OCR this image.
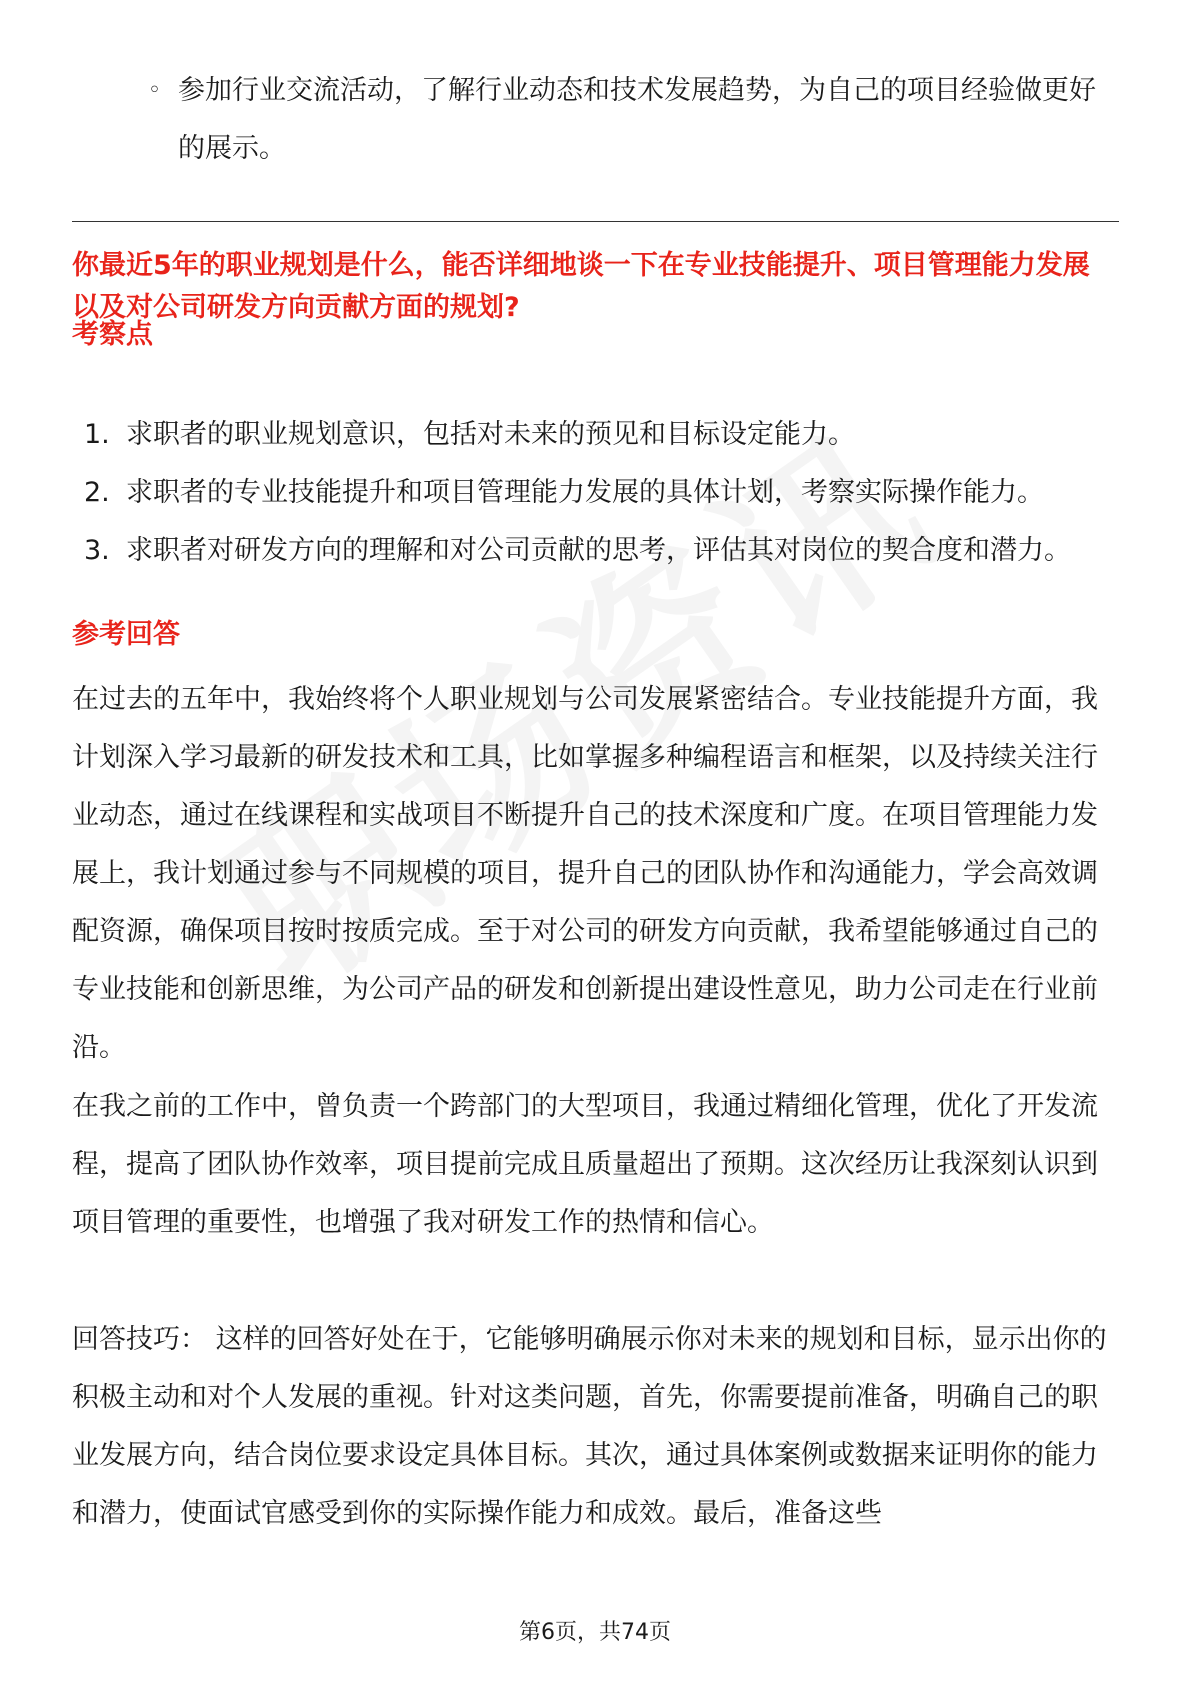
◦ 参加行业交流活动，了解行业动态和技术发展趋势，为自己的项目经验做更好的展示。
你最近5年的职业规划是什么，能否详细地谈一下在专业技能提升、项目管理能力发展以及对公司研发方向贡献方面的规划?
考察点
1. 求职者的职业规划意识，包括对未来的预见和目标设定能力。
2. 求职者的专业技能提升和项目管理能力发展的具体计划，考察实际操作能力。
3. 求职者对研发方向的理解和对公司贡献的思考，评估其对岗位的契合度和潜力。
参考回答

在过去的五年中，我始终将个人职业规划与公司发展紧密结合。专业技能提升方面，我计划深入学习最新的研发技术和工具，比如掌握多种编程语言和框架，以及持续关注行业动态，通过在线课程和实战项目不断提升自己的技术深度和广度。在项目管理能力发展上，我计划通过参与不同规模的项目，提升自己的团队协作和沟通能力，学会高效调配资源，确保项目按时按质完成。至于对公司的研发方向贡献，我希望能够通过自己的专业技能和创新思维，为公司产品的研发和创新提出建设性意见，助力公司走在行业前沿。

在我之前的工作中，曾负责一个跨部门的大型项目，我通过精细化管理，优化了开发流程，提高了团队协作效率，项目提前完成且质量超出了预期。这次经历让我深刻认识到项目管理的重要性，也增强了我对研发工作的热情和信心。

回答技巧： 这样的回答好处在于，它能够明确展示你对未来的规划和目标，显示出你的积极主动和对个人发展的重视。针对这类问题，首先，你需要提前准备，明确自己的职业发展方向，结合岗位要求设定具体目标。其次，通过具体案例或数据来证明你的能力和潜力，使面试官感受到你的实际操作能力和成效。最后，准备这些

第6页，共74页
